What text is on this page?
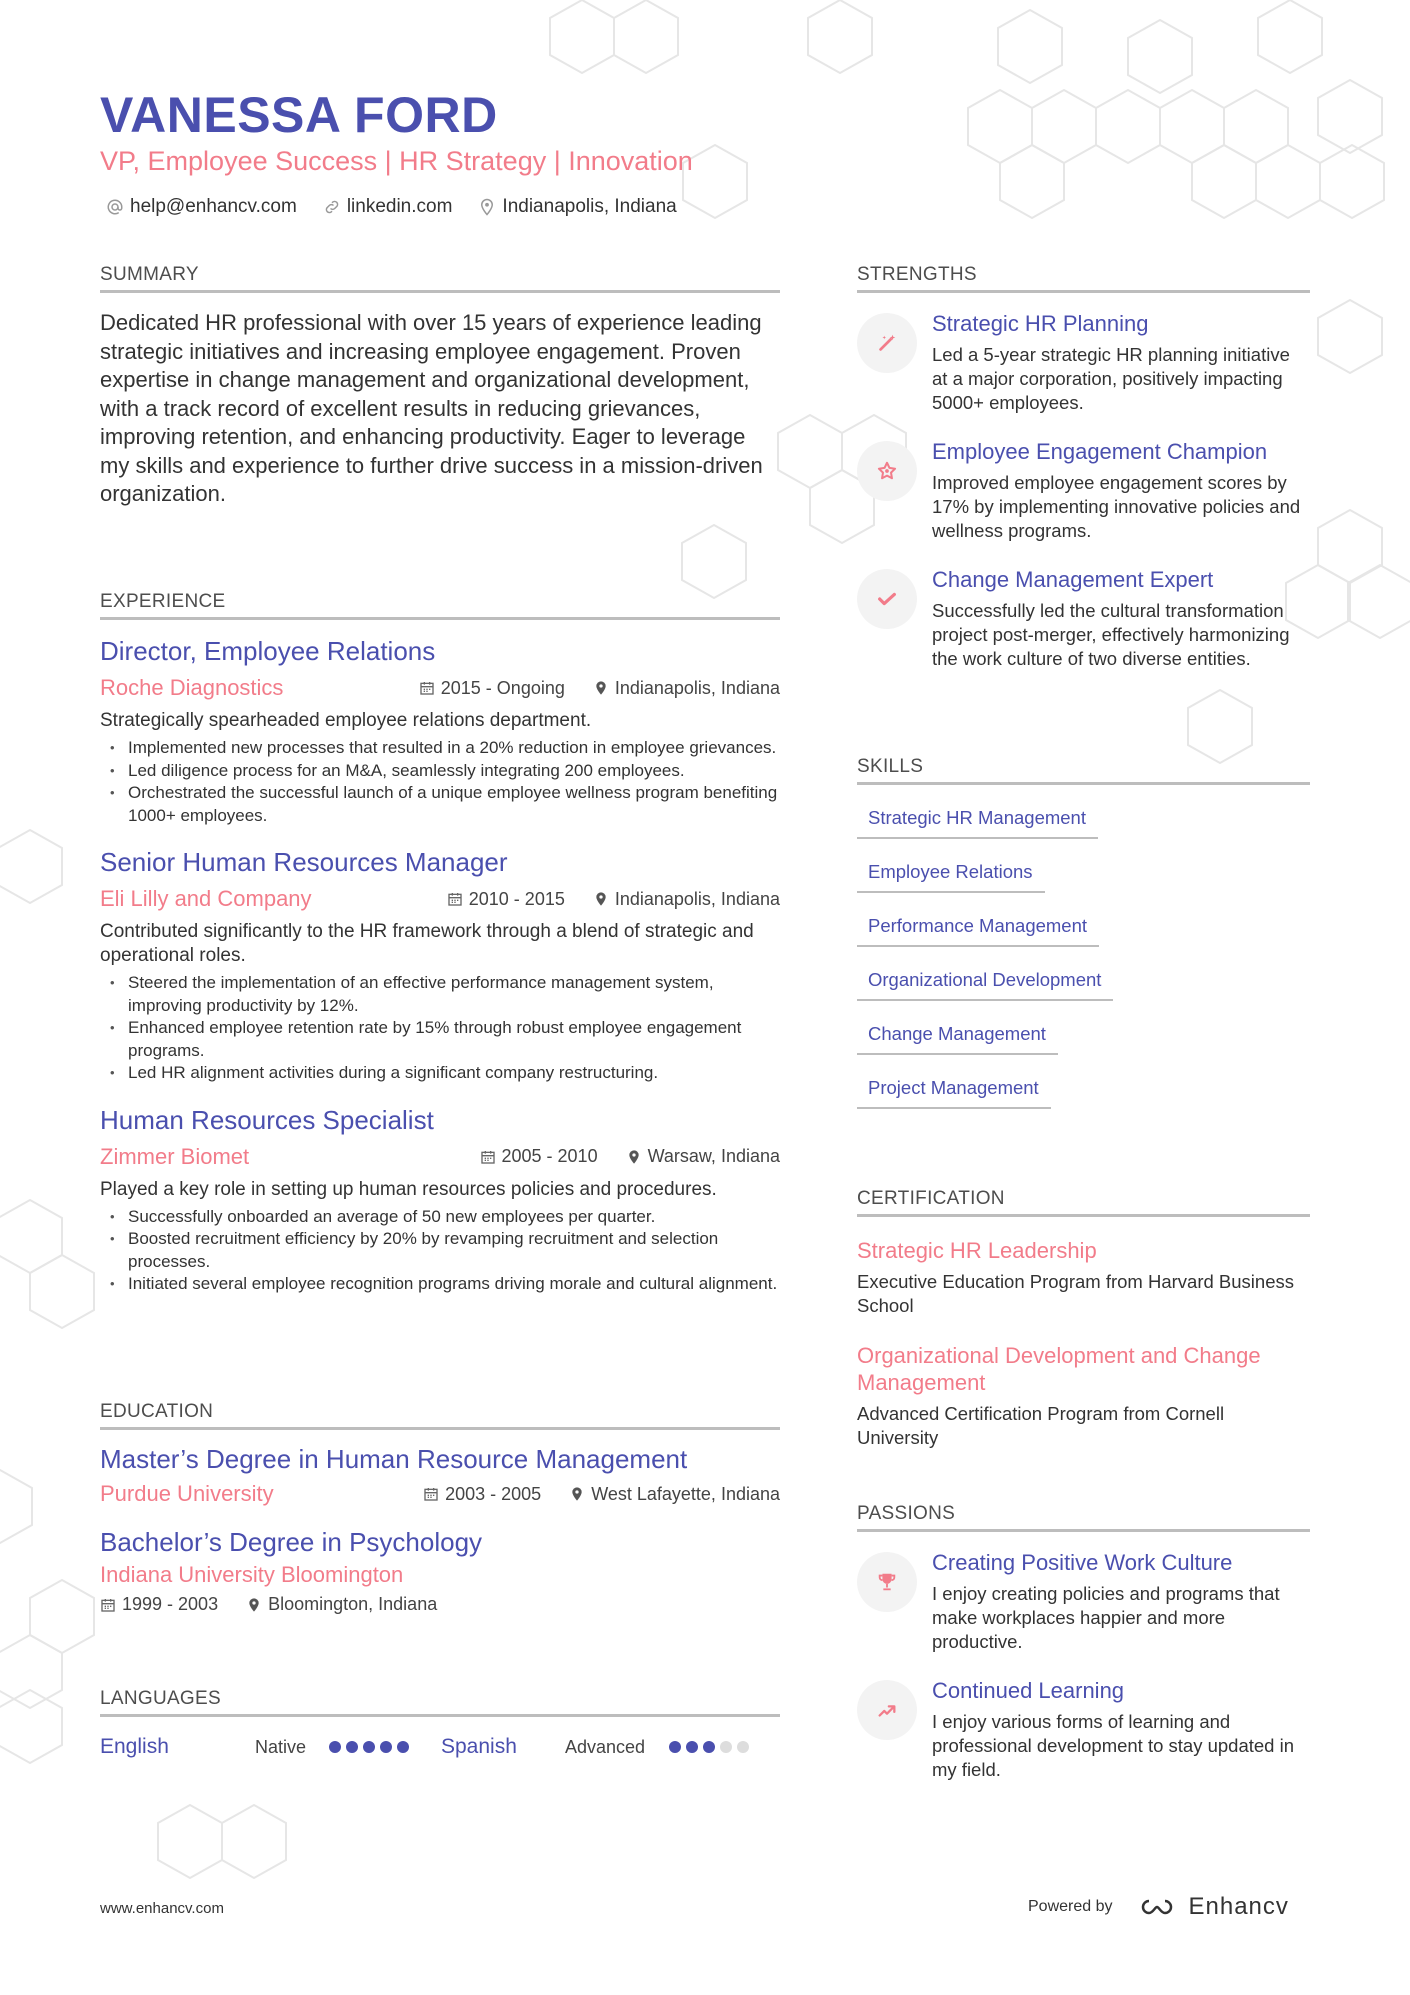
VANESSA FORD
VP, Employee Success | HR Strategy | Innovation
help@enhancv.com	linkedin.com	Indianapolis, Indiana
SUMMARY
Dedicated HR professional with over 15 years of experience leading strategic initiatives and increasing employee engagement. Proven expertise in change management and organizational development, with a track record of excellent results in reducing grievances, improving retention, and enhancing productivity. Eager to leverage my skills and experience to further drive success in a mission-driven organization.
EXPERIENCE
Director, Employee Relations
Roche Diagnostics	2015 - Ongoing	Indianapolis, Indiana
Strategically spearheaded employee relations department.
• Implemented new processes that resulted in a 20% reduction in employee grievances.
• Led diligence process for an M&A, seamlessly integrating 200 employees.
• Orchestrated the successful launch of a unique employee wellness program benefiting 1000+ employees.
Senior Human Resources Manager
Eli Lilly and Company	2010 - 2015	Indianapolis, Indiana
Contributed significantly to the HR framework through a blend of strategic and operational roles.
• Steered the implementation of an effective performance management system, improving productivity by 12%.
• Enhanced employee retention rate by 15% through robust employee engagement programs.
• Led HR alignment activities during a significant company restructuring.
Human Resources Specialist
Zimmer Biomet	2005 - 2010	Warsaw, Indiana
Played a key role in setting up human resources policies and procedures.
• Successfully onboarded an average of 50 new employees per quarter.
• Boosted recruitment efficiency by 20% by revamping recruitment and selection processes.
• Initiated several employee recognition programs driving morale and cultural alignment.
EDUCATION
Master’s Degree in Human Resource Management
Purdue University	2003 - 2005	West Lafayette, Indiana
Bachelor’s Degree in Psychology
Indiana University Bloomington
1999 - 2003	Bloomington, Indiana
LANGUAGES
English	Native	Spanish	Advanced
STRENGTHS
Strategic HR Planning
Led a 5-year strategic HR planning initiative at a major corporation, positively impacting 5000+ employees.
Employee Engagement Champion
Improved employee engagement scores by 17% by implementing innovative policies and wellness programs.
Change Management Expert
Successfully led the cultural transformation project post-merger, effectively harmonizing the work culture of two diverse entities.
SKILLS
Strategic HR Management
Employee Relations
Performance Management
Organizational Development
Change Management
Project Management
CERTIFICATION
Strategic HR Leadership
Executive Education Program from Harvard Business School
Organizational Development and Change Management
Advanced Certification Program from Cornell University
PASSIONS
Creating Positive Work Culture
I enjoy creating policies and programs that make workplaces happier and more productive.
Continued Learning
I enjoy various forms of learning and professional development to stay updated in my field.
www.enhancv.com	Powered by	Enhancv
